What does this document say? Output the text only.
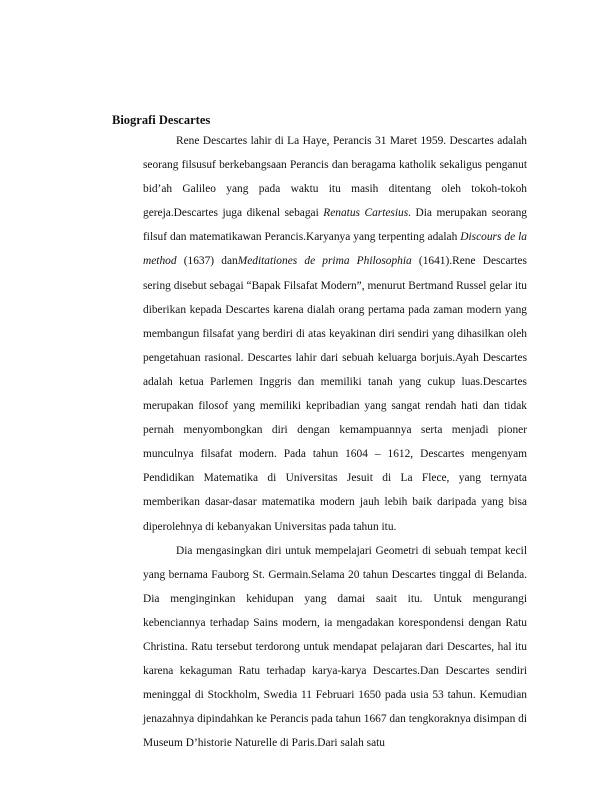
Biografi Descartes

Rene Descartes lahir di La Haye, Perancis 31 Maret 1959. Descartes adalah seorang filsusuf berkebangsaan Perancis dan beragama katholik sekaligus penganut bid’ah Galileo yang pada waktu itu masih ditentang oleh tokoh-tokoh gereja.Descartes juga dikenal sebagai Renatus Cartesius. Dia merupakan seorang filsuf dan matematikawan Perancis.Karyanya yang terpenting adalah Discours de la method (1637) danMeditationes de prima Philosophia (1641).Rene Descartes sering disebut sebagai “Bapak Filsafat Modern”, menurut Bertmand Russel gelar itu diberikan kepada Descartes karena dialah orang pertama pada zaman modern yang membangun filsafat yang berdiri di atas keyakinan diri sendiri yang dihasilkan oleh pengetahuan rasional. Descartes lahir dari sebuah keluarga borjuis.Ayah Descartes adalah ketua Parlemen Inggris dan memiliki tanah yang cukup luas.Descartes merupakan filosof yang memiliki kepribadian yang sangat rendah hati dan tidak pernah menyombongkan diri dengan kemampuannya serta menjadi pioner munculnya filsafat modern. Pada tahun 1604 – 1612, Descartes mengenyam Pendidikan Matematika di Universitas Jesuit di La Flece, yang ternyata memberikan dasar-dasar matematika modern jauh lebih baik daripada yang bisa diperolehnya di kebanyakan Universitas pada tahun itu.

Dia mengasingkan diri untuk mempelajari Geometri di sebuah tempat kecil yang bernama Fauborg St. Germain.Selama 20 tahun Descartes tinggal di Belanda. Dia menginginkan kehidupan yang damai saait itu. Untuk mengurangi kebenciannya terhadap Sains modern, ia mengadakan korespondensi dengan Ratu Christina. Ratu tersebut terdorong untuk mendapat pelajaran dari Descartes, hal itu karena kekaguman Ratu terhadap karya-karya Descartes.Dan Descartes sendiri meninggal di Stockholm, Swedia 11 Februari 1650 pada usia 53 tahun. Kemudian jenazahnya dipindahkan ke Perancis pada tahun 1667 dan tengkoraknya disimpan di Museum D’historie Naturelle di Paris.Dari salah satu
